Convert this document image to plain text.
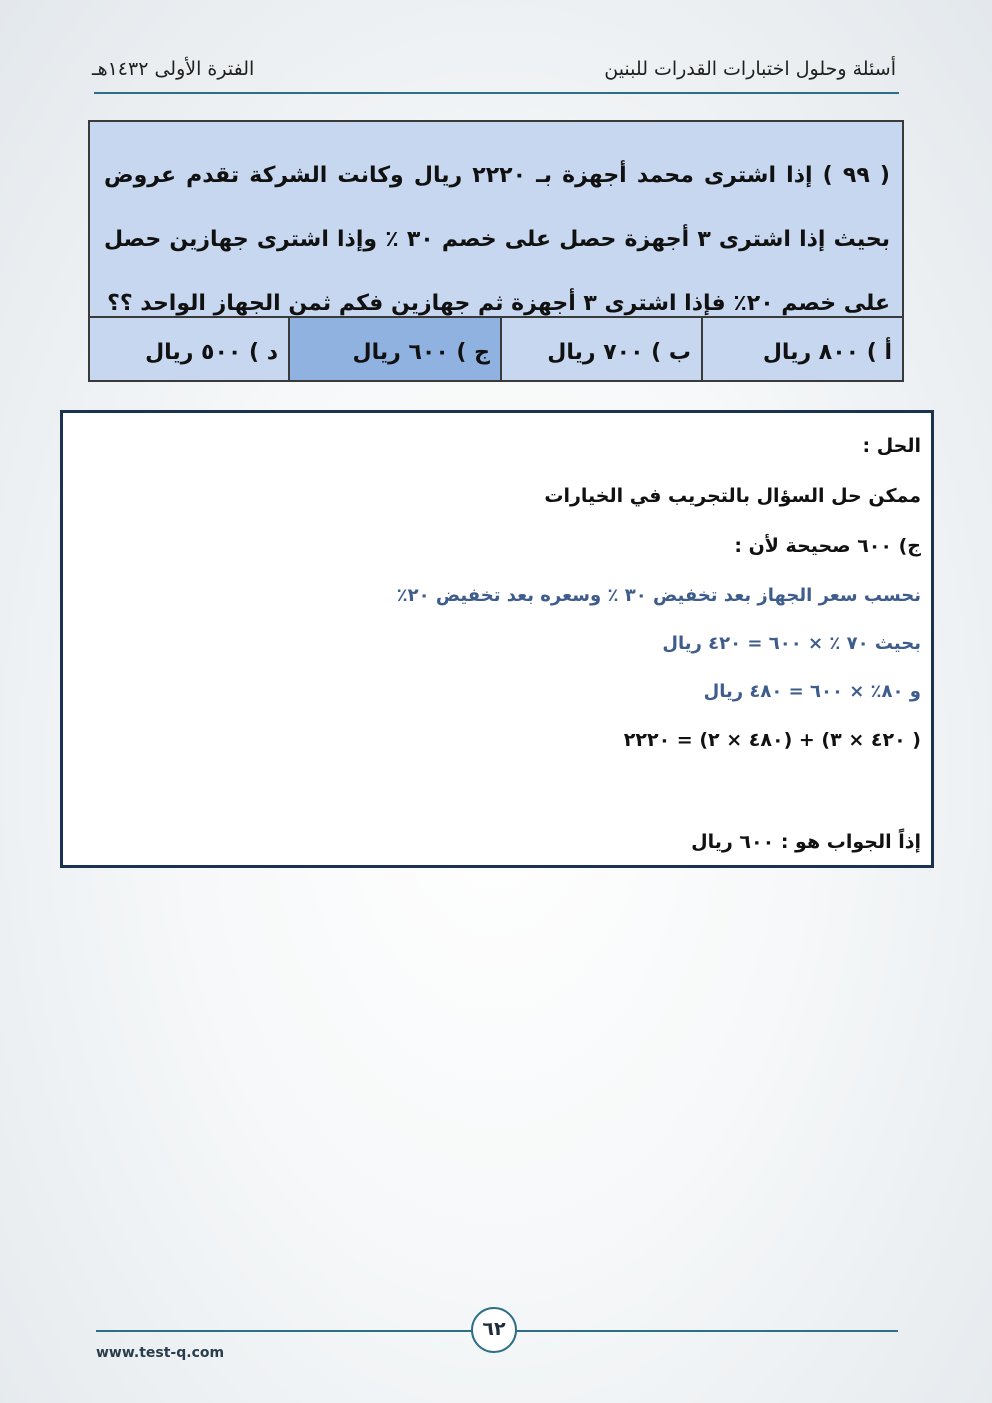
أسئلة وحلول اختبارات القدرات للبنين
الفترة الأولى ١٤٣٢هـ
( ٩٩ ) إذا اشترى محمد أجهزة بـ ٢٢٢٠ ريال وكانت الشركة تقدم عروض بحيث إذا اشترى ٣ أجهزة حصل على خصم ٣٠ ٪ وإذا اشترى جهازين حصل على خصم ٢٠٪ فإذا اشترى ٣ أجهزة ثم جهازين فكم ثمن الجهاز الواحد ؟؟
أ ) ٨٠٠ ريال
ب ) ٧٠٠ ريال
ج ) ٦٠٠ ريال
د ) ٥٠٠ ريال
الحل :
ممكن حل السؤال بالتجريب في الخيارات
ج) ٦٠٠ صحيحة لأن :
نحسب سعر الجهاز بعد تخفيض ٣٠ ٪ وسعره بعد تخفيض ٢٠٪
بحيث ٧٠ ٪ × ٦٠٠ = ٤٢٠ ريال
و ٨٠٪ × ٦٠٠ = ٤٨٠ ريال
( ٤٢٠ × ٣) + (٤٨٠ × ٢) = ٢٢٢٠
إذاً الجواب هو : ٦٠٠ ريال
٦٢
www.test-q.com
